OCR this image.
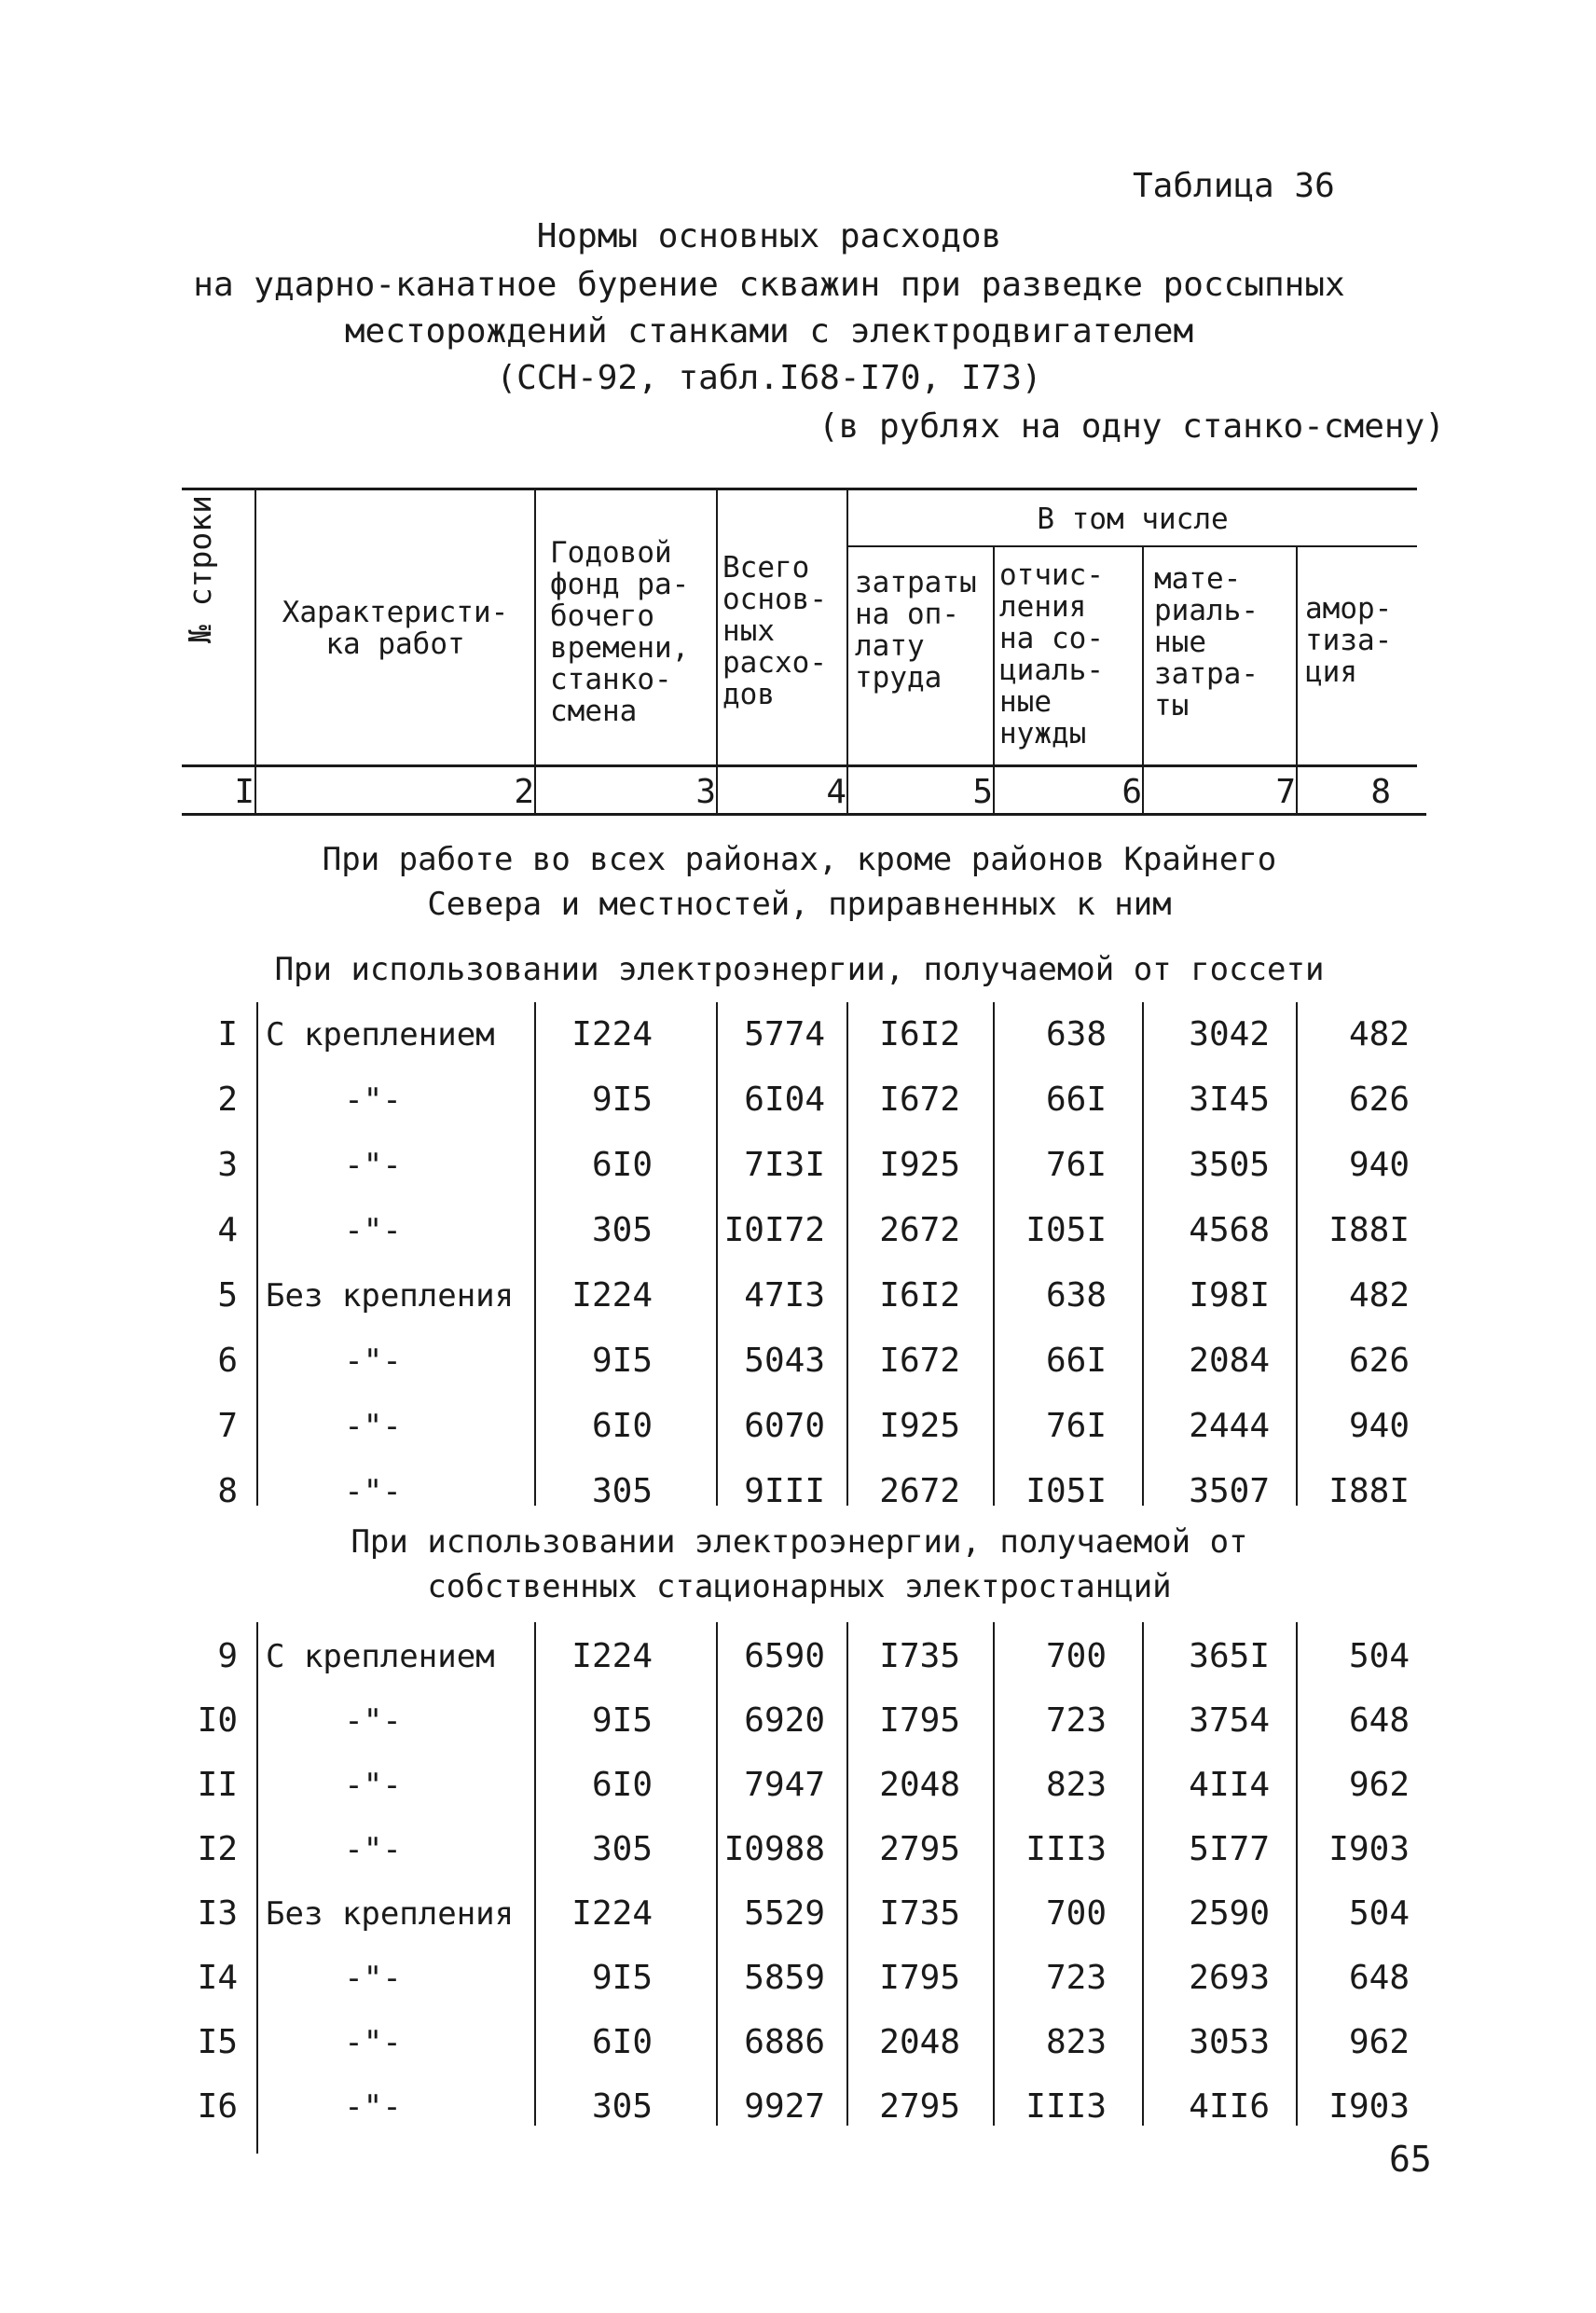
Таблица 36
Нормы основных расходов
на ударно-канатное бурение скважин при разведке россыпных
месторождений станками с электродвигателем
(ССН-92, табл.I68-I70, I73)
(в рублях на одну станко-смену)
№ строки	Характеристи-
ка работ
Годовой
фонд ра-
бочего
времени,
станко-
смена
Всего
основ-
ных
расхо-
дов
В том числе
затраты
на оп-
лату
труда
отчис-
ления
на со-
циаль-
ные
нужды
мате-
риаль-
ные
затра-
ты
амор-
тиза-
ция
I	2	3	4	5	6	7	8
При работе во всех районах, кроме районов Крайнего
Севера и местностей, приравненных к ним
При использовании электроэнергии, получаемой от госсети
I С креплением	I224	5774	I6I2	638	3042	482
2	-"-	9I5	6I04	I672	66I	3I45	626
3	-"-	6I0	7I3I	I925	76I	3505	940
4	-"-	305 I0I72	2672	I05I	4568	I88I
5 Без крепления	I224	47I3	I6I2	638	I98I	482
6	-"-	9I5	5043	I672	66I	2084	626
7	-"-	6I0	6070	I925	76I	2444	940
8	-"-	305	9III	2672	I05I	3507	I88I
При использовании электроэнергии, получаемой от
собственных стационарных электростанций
9 С креплением	I224	6590	I735	700	365I	504
I0	-"-	9I5	6920	I795	723	3754	648
II	-"-	6I0	7947	2048	823	4II4	962
I2	-"-	305 I0988	2795	III3	5I77	I903
I3 Без крепления	I224	5529	I735	700	2590	504
I4	-"-	9I5	5859	I795	723	2693	648
I5	-"-	6I0	6886	2048	823	3053	962
I6	-"-	305	9927	2795	III3	4II6	I903
65
